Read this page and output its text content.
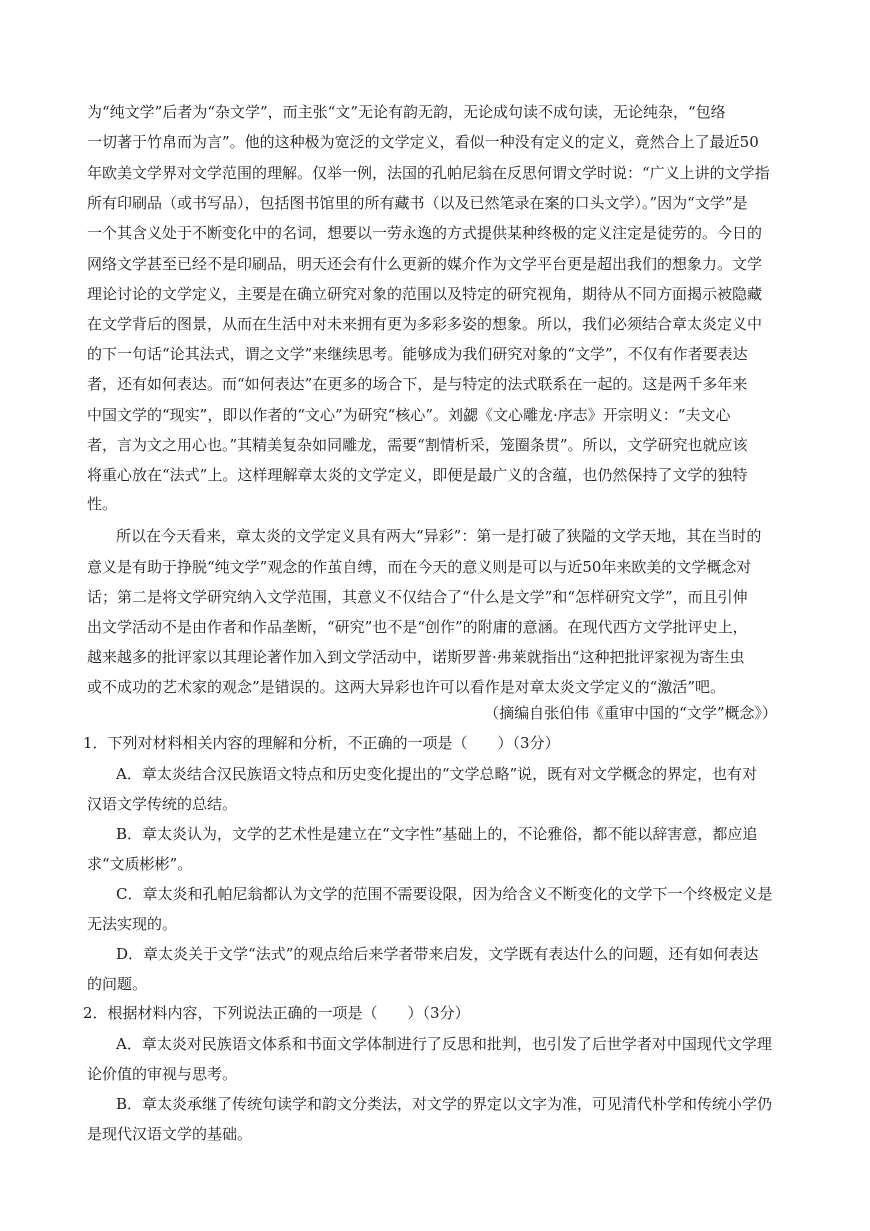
为“纯文学”后者为“杂文学”，而主张“文”无论有韵无韵，无论成句读不成句读，无论纯杂，“包络
一切著于竹帛而为言”。他的这种极为宽泛的文学定义，看似一种没有定义的定义，竟然合上了最近50
年欧美文学界对文学范围的理解。仅举一例，法国的孔帕尼翁在反思何谓文学时说：“广义上讲的文学指
所有印刷品（或书写品），包括图书馆里的所有藏书（以及已然笔录在案的口头文学）。”因为“文学”是
一个其含义处于不断变化中的名词，想要以一劳永逸的方式提供某种终极的定义注定是徒劳的。今日的
网络文学甚至已经不是印刷品，明天还会有什么更新的媒介作为文学平台更是超出我们的想象力。文学
理论讨论的文学定义，主要是在确立研究对象的范围以及特定的研究视角，期待从不同方面揭示被隐藏
在文学背后的图景，从而在生活中对未来拥有更为多彩多姿的想象。所以，我们必须结合章太炎定义中
的下一句话“论其法式，谓之文学”来继续思考。能够成为我们研究对象的“文学”，不仅有作者要表达
者，还有如何表达。而“如何表达”在更多的场合下，是与特定的法式联系在一起的。这是两千多年来
中国文学的“现实”，即以作者的“文心”为研究“核心”。刘勰《文心雕龙·序志》开宗明义：“夫文心
者，言为文之用心也。”其精美复杂如同雕龙，需要“割情析采，笼圈条贯”。所以，文学研究也就应该
将重心放在“法式”上。这样理解章太炎的文学定义，即便是最广义的含蕴，也仍然保持了文学的独特
性。
所以在今天看来，章太炎的文学定义具有两大“异彩”：第一是打破了狭隘的文学天地，其在当时的
意义是有助于挣脱“纯文学”观念的作茧自缚，而在今天的意义则是可以与近50年来欧美的文学概念对
话；第二是将文学研究纳入文学范围，其意义不仅结合了“什么是文学”和“怎样研究文学”，而且引伸
出文学活动不是由作者和作品垄断，“研究”也不是“创作”的附庸的意涵。在现代西方文学批评史上，
越来越多的批评家以其理论著作加入到文学活动中，诺斯罗普·弗莱就指出“这种把批评家视为寄生虫
或不成功的艺术家的观念”是错误的。这两大异彩也许可以看作是对章太炎文学定义的“激活”吧。
（摘编自张伯伟《重审中国的“文学”概念》）
1．下列对材料相关内容的理解和分析，不正确的一项是（　　）（3分）
A．章太炎结合汉民族语文特点和历史变化提出的“文学总略”说，既有对文学概念的界定，也有对
汉语文学传统的总结。
B．章太炎认为，文学的艺术性是建立在“文字性”基础上的，不论雅俗，都不能以辞害意，都应追
求“文质彬彬”。
C．章太炎和孔帕尼翁都认为文学的范围不需要设限，因为给含义不断变化的文学下一个终极定义是
无法实现的。
D．章太炎关于文学“法式”的观点给后来学者带来启发，文学既有表达什么的问题，还有如何表达
的问题。
2．根据材料内容，下列说法正确的一项是（　　）（3分）
A．章太炎对民族语文体系和书面文学体制进行了反思和批判，也引发了后世学者对中国现代文学理
论价值的审视与思考。
B．章太炎承继了传统句读学和韵文分类法，对文学的界定以文字为准，可见清代朴学和传统小学仍
是现代汉语文学的基础。
